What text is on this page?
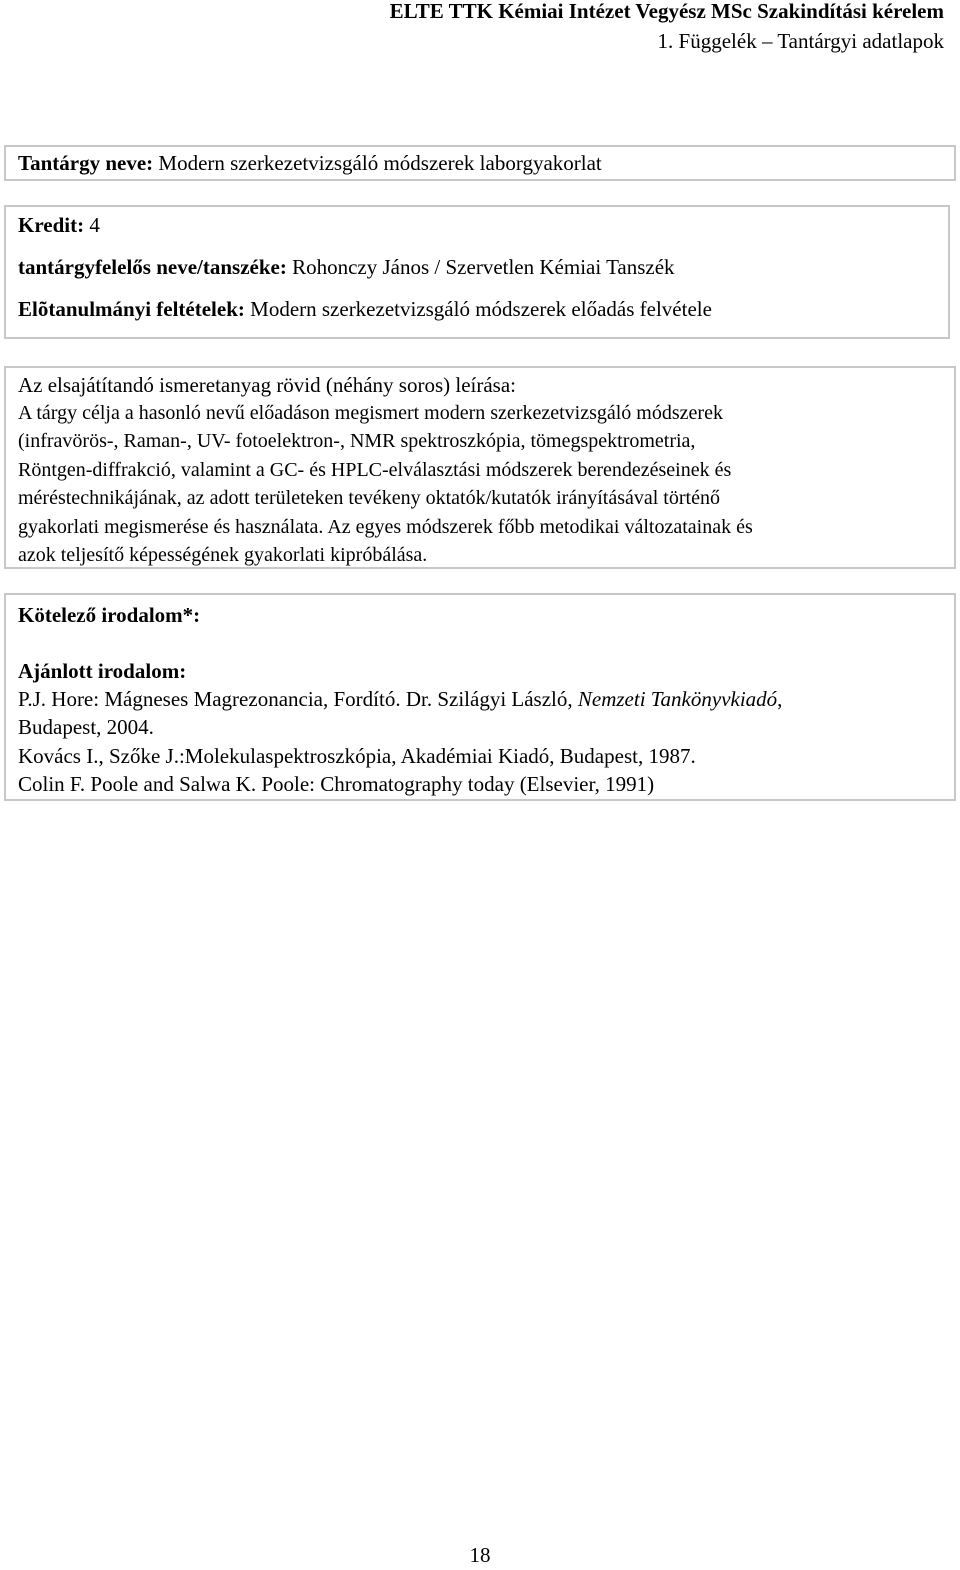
ELTE TTK Kémiai Intézet Vegyész MSc Szakindítási kérelem
1. Függelék – Tantárgyi adatlapok
Tantárgy neve: Modern szerkezetvizsgáló módszerek laborgyakorlat
Kredit: 4
tantárgyfelelős neve/tanszéke: Rohonczy János / Szervetlen Kémiai Tanszék
Elõtanulmányi feltételek: Modern szerkezetvizsgáló módszerek előadás felvétele
Az elsajátítandó ismeretanyag rövid (néhány soros) leírása:
A tárgy célja a hasonló nevű előadáson megismert modern szerkezetvizsgáló módszerek
(infravörös-, Raman-, UV- fotoelektron-, NMR spektroszkópia, tömegspektrometria,
Röntgen-diffrakció, valamint a GC- és HPLC-elválasztási módszerek berendezéseinek és
méréstechnikájának, az adott területeken tevékeny oktatók/kutatók irányításával történő
gyakorlati megismerése és használata. Az egyes módszerek főbb metodikai változatainak és
azok teljesítő képességének gyakorlati kipróbálása.
Kötelező irodalom*:
Ajánlott irodalom:
P.J. Hore: Mágneses Magrezonancia, Fordító. Dr. Szilágyi László, Nemzeti Tankönyvkiadó,
Budapest, 2004.
Kovács I., Szőke J.:Molekulaspektroszkópia, Akadémiai Kiadó, Budapest, 1987.
Colin F. Poole and Salwa K. Poole: Chromatography today (Elsevier, 1991)
18
